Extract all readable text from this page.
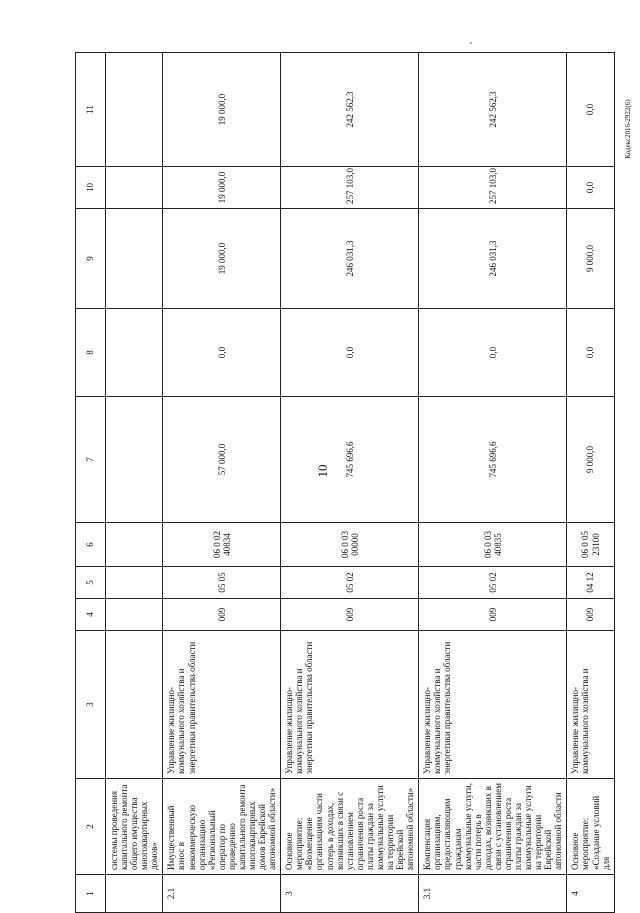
10
Кодекс2016-2922(6)
1	2	3	4	5	6	7	8	9	10	11
	системы проведения капитального ремонта общего имущества многоквартирных домов»									
2.1	Имущественный взнос в некоммерческую организацию «Региональный оператор по проведению капитального ремонта многоквартирных домов Еврейской автономной области»	Управление жилищно-коммунального хозяйства и энергетики правительства области	009	05 05	06 0 02 40834	57 000,0	0,0	19 000,0	19 000,0	19 000,0
3	Основное мероприятие: «Возмещение организациям части потерь в доходах, возникших в связи с установлением ограничения роста платы граждан за коммунальные услуги на территории Еврейской автономной области»	Управление жилищно-коммунального хозяйства и энергетики правительства области	009	05 02	06 0 03 00000	745 696,6	0,0	246 031,3	257 103,0	242 562,3
3.1	Компенсация организациям, предоставляющим гражданам коммунальные услуги, части потерь в доходах, возникших в связи с установлением ограничения роста платы граждан за коммунальные услуги на территории Еврейской автономной области	Управление жилищно-коммунального хозяйства и энергетики правительства области	009	05 02	06 0 03 40835	745 696,6	0,0	246 031,3	257 103,0	242 562,3
4	Основное мероприятие: «Создание условий для	Управление жилищно-коммунального хозяйства и	009	04 12	06 0 05 23100	9 000,0	0,0	9 000,0	0,0	0,0
